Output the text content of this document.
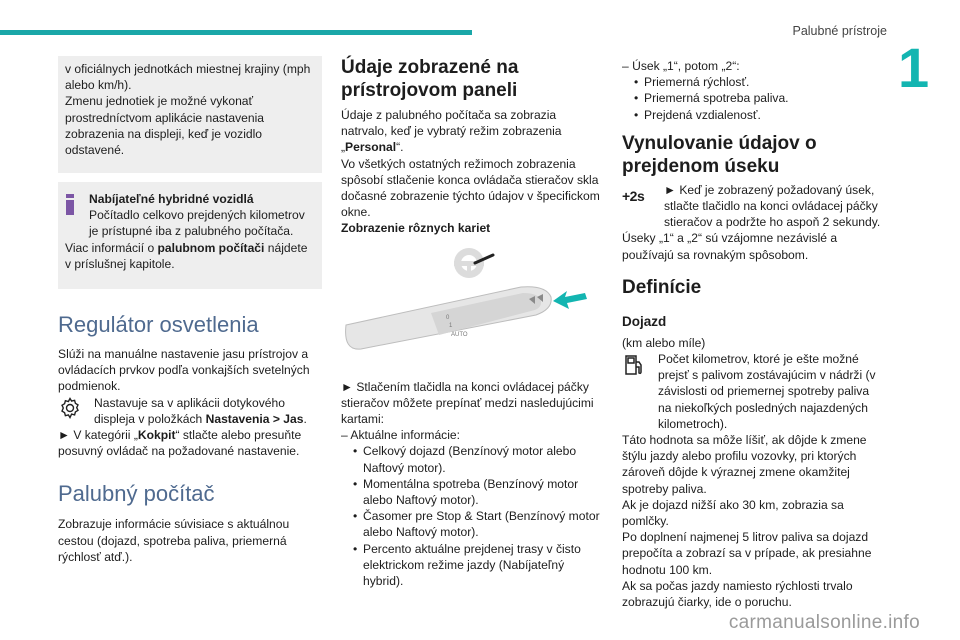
Palubné prístroje
1

v oficiálnych jednotkách miestnej krajiny (mph alebo km/h).
Zmenu jednotiek je možné vykonať prostredníctvom aplikácie nastavenia zobrazenia na displeji, keď je vozidlo odstavené.

Nabíjateľné hybridné vozidlá

Počítadlo celkovo prejdených kilometrov je prístupné iba z palubného počítača.

Viac informácií o palubnom počítači nájdete v príslušnej kapitole.

Regulátor osvetlenia

Slúži na manuálne nastavenie jasu prístrojov a ovládacích prvkov podľa vonkajších svetelných podmienok.

Nastavuje sa v aplikácii dotykového displeja v položkách Nastavenia > Jas.

► V kategórii „Kokpit“ stlačte alebo presuňte posuvný ovládač na požadované nastavenie.

Palubný počítač

Zobrazuje informácie súvisiace s aktuálnou cestou (dojazd, spotreba paliva, priemerná rýchlosť atď.).

Údaje zobrazené na prístrojovom paneli

Údaje z palubného počítača sa zobrazia natrvalo, keď je vybratý režim zobrazenia „Personal“.

Vo všetkých ostatných režimoch zobrazenia spôsobí stlačenie konca ovládača stieračov skla dočasné zobrazenie týchto údajov v špecifickom okne.

Zobrazenie rôznych kariet

0
1
AUTO

► Stlačením tlačidla na konci ovládacej páčky stieračov môžete prepínať medzi nasledujúcimi kartami:

– Aktuálne informácie:

• Celkový dojazd (Benzínový motor alebo Naftový motor).
• Momentálna spotreba (Benzínový motor alebo Naftový motor).
• Časomer pre Stop & Start (Benzínový motor alebo Naftový motor).
• Percento aktuálne prejdenej trasy v čisto elektrickom režime jazdy (Nabíjateľný hybrid).

– Úsek „1“, potom „2“:

• Priemerná rýchlosť.
• Priemerná spotreba paliva.
• Prejdená vzdialenosť.
Vynulovanie údajov o prejdenom úseku
+2s	► Keď je zobrazený požadovaný úsek, stlačte tlačidlo na konci ovládacej páčky stieračov a podržte ho aspoň 2 sekundy.

Úseky „1“ a „2“ sú vzájomne nezávislé a používajú sa rovnakým spôsobom.

Definície
Dojazd

(km alebo míle)

Počet kilometrov, ktoré je ešte možné prejsť s palivom zostávajúcim v nádrži (v závislosti od priemernej spotreby paliva na niekoľkých posledných najazdených kilometroch).

Táto hodnota sa môže líšiť, ak dôjde k zmene štýlu jazdy alebo profilu vozovky, pri ktorých zároveň dôjde k výraznej zmene okamžitej spotreby paliva.

Ak je dojazd nižší ako 30 km, zobrazia sa pomlčky.

Po doplnení najmenej 5 litrov paliva sa dojazd prepočíta a zobrazí sa v prípade, ak presiahne hodnotu 100 km.

Ak sa počas jazdy namiesto rýchlosti trvalo zobrazujú čiarky, ide o poruchu.

carmanualsonline.info
